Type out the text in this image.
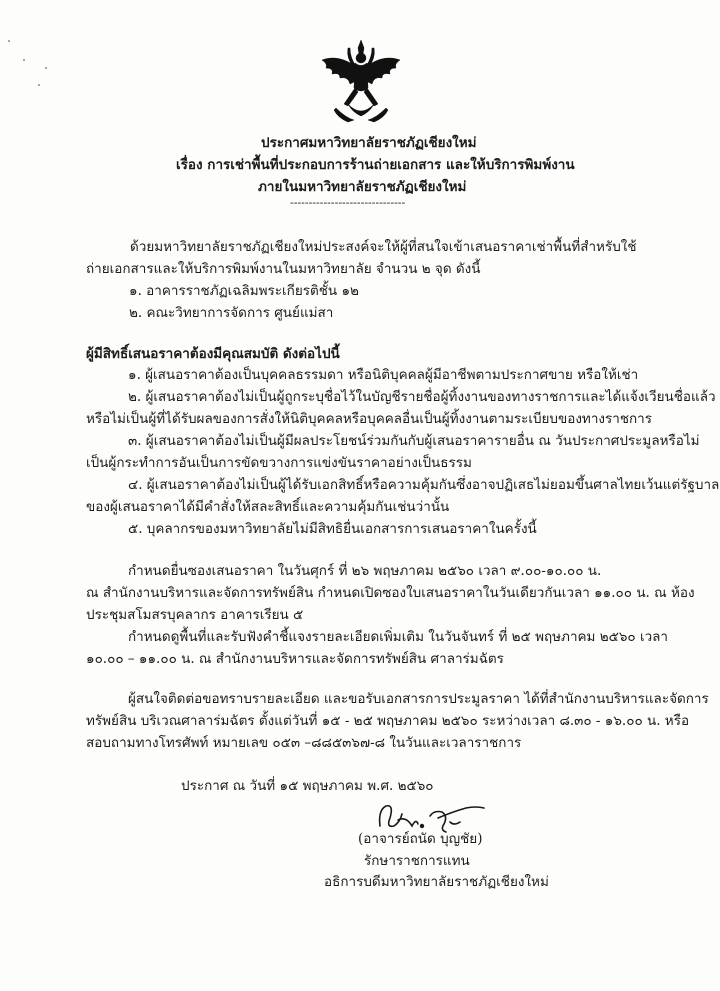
ประกาศมหาวิทยาลัยราชภัฏเชียงใหม่
เรื่อง การเช่าพื้นที่ประกอบการร้านถ่ายเอกสาร และให้บริการพิมพ์งาน
ภายในมหาวิทยาลัยราชภัฏเชียงใหม่
-------------------------------
ด้วยมหาวิทยาลัยราชภัฏเชียงใหม่ประสงค์จะให้ผู้ที่สนใจเข้าเสนอราคาเช่าพื้นที่สำหรับใช้
ถ่ายเอกสารและให้บริการพิมพ์งานในมหาวิทยาลัย จำนวน ๒ จุด ดังนี้
๑. อาคารราชภัฏเฉลิมพระเกียรติชั้น ๑๒
๒. คณะวิทยาการจัดการ ศูนย์แม่สา
ผู้มีสิทธิ์เสนอราคาต้องมีคุณสมบัติ ดังต่อไปนี้
๑. ผู้เสนอราคาต้องเป็นบุคคลธรรมดา หรือนิติบุคคลผู้มีอาชีพตามประกาศขาย หรือให้เช่า
๒. ผู้เสนอราคาต้องไม่เป็นผู้ถูกระบุชื่อไว้ในบัญชีรายชื่อผู้ทิ้งงานของทางราชการและได้แจ้งเวียนชื่อแล้ว
หรือไม่เป็นผู้ที่ได้รับผลของการสั่งให้นิติบุคคลหรือบุคคลอื่นเป็นผู้ทิ้งงานตามระเบียบของทางราชการ
๓. ผู้เสนอราคาต้องไม่เป็นผู้มีผลประโยชน์ร่วมกันกับผู้เสนอราคารายอื่น ณ วันประกาศประมูลหรือไม่
เป็นผู้กระทำการอันเป็นการขัดขวางการแข่งขันราคาอย่างเป็นธรรม
๔. ผู้เสนอราคาต้องไม่เป็นผู้ได้รับเอกสิทธิ์หรือความคุ้มกันซึ่งอาจปฏิเสธไม่ยอมขึ้นศาลไทยเว้นแต่รัฐบาล
ของผู้เสนอราคาได้มีคำสั่งให้สละสิทธิ์และความคุ้มกันเช่นว่านั้น
๕. บุคลากรของมหาวิทยาลัยไม่มีสิทธิยื่นเอกสารการเสนอราคาในครั้งนี้
กำหนดยื่นซองเสนอราคา ในวันศุกร์ ที่ ๒๖ พฤษภาคม ๒๕๖๐ เวลา ๙.๐๐-๑๐.๐๐ น.
ณ สำนักงานบริหารและจัดการทรัพย์สิน กำหนดเปิดซองใบเสนอราคาในวันเดียวกันเวลา ๑๑.๐๐ น. ณ ห้อง
ประชุมสโมสรบุคลากร อาคารเรียน ๕
กำหนดดูพื้นที่และรับฟังคำชี้แจงรายละเอียดเพิ่มเติม ในวันจันทร์ ที่ ๒๕ พฤษภาคม ๒๕๖๐ เวลา
๑๐.๐๐ – ๑๑.๐๐ น. ณ สำนักงานบริหารและจัดการทรัพย์สิน ศาลาร่มฉัตร
ผู้สนใจติดต่อขอทราบรายละเอียด และขอรับเอกสารการประมูลราคา ได้ที่สำนักงานบริหารและจัดการ
ทรัพย์สิน บริเวณศาลาร่มฉัตร ตั้งแต่วันที่ ๑๕ - ๒๕ พฤษภาคม ๒๕๖๐ ระหว่างเวลา ๘.๓๐ - ๑๖.๐๐ น. หรือ
สอบถามทางโทรศัพท์ หมายเลข ๐๕๓ –๘๘๕๓๖๗-๘ ในวันและเวลาราชการ
ประกาศ ณ วันที่ ๑๕ พฤษภาคม พ.ศ. ๒๕๖๐
(อาจารย์ถนัด บุญชัย)
รักษาราชการแทน
อธิการบดีมหาวิทยาลัยราชภัฏเชียงใหม่
